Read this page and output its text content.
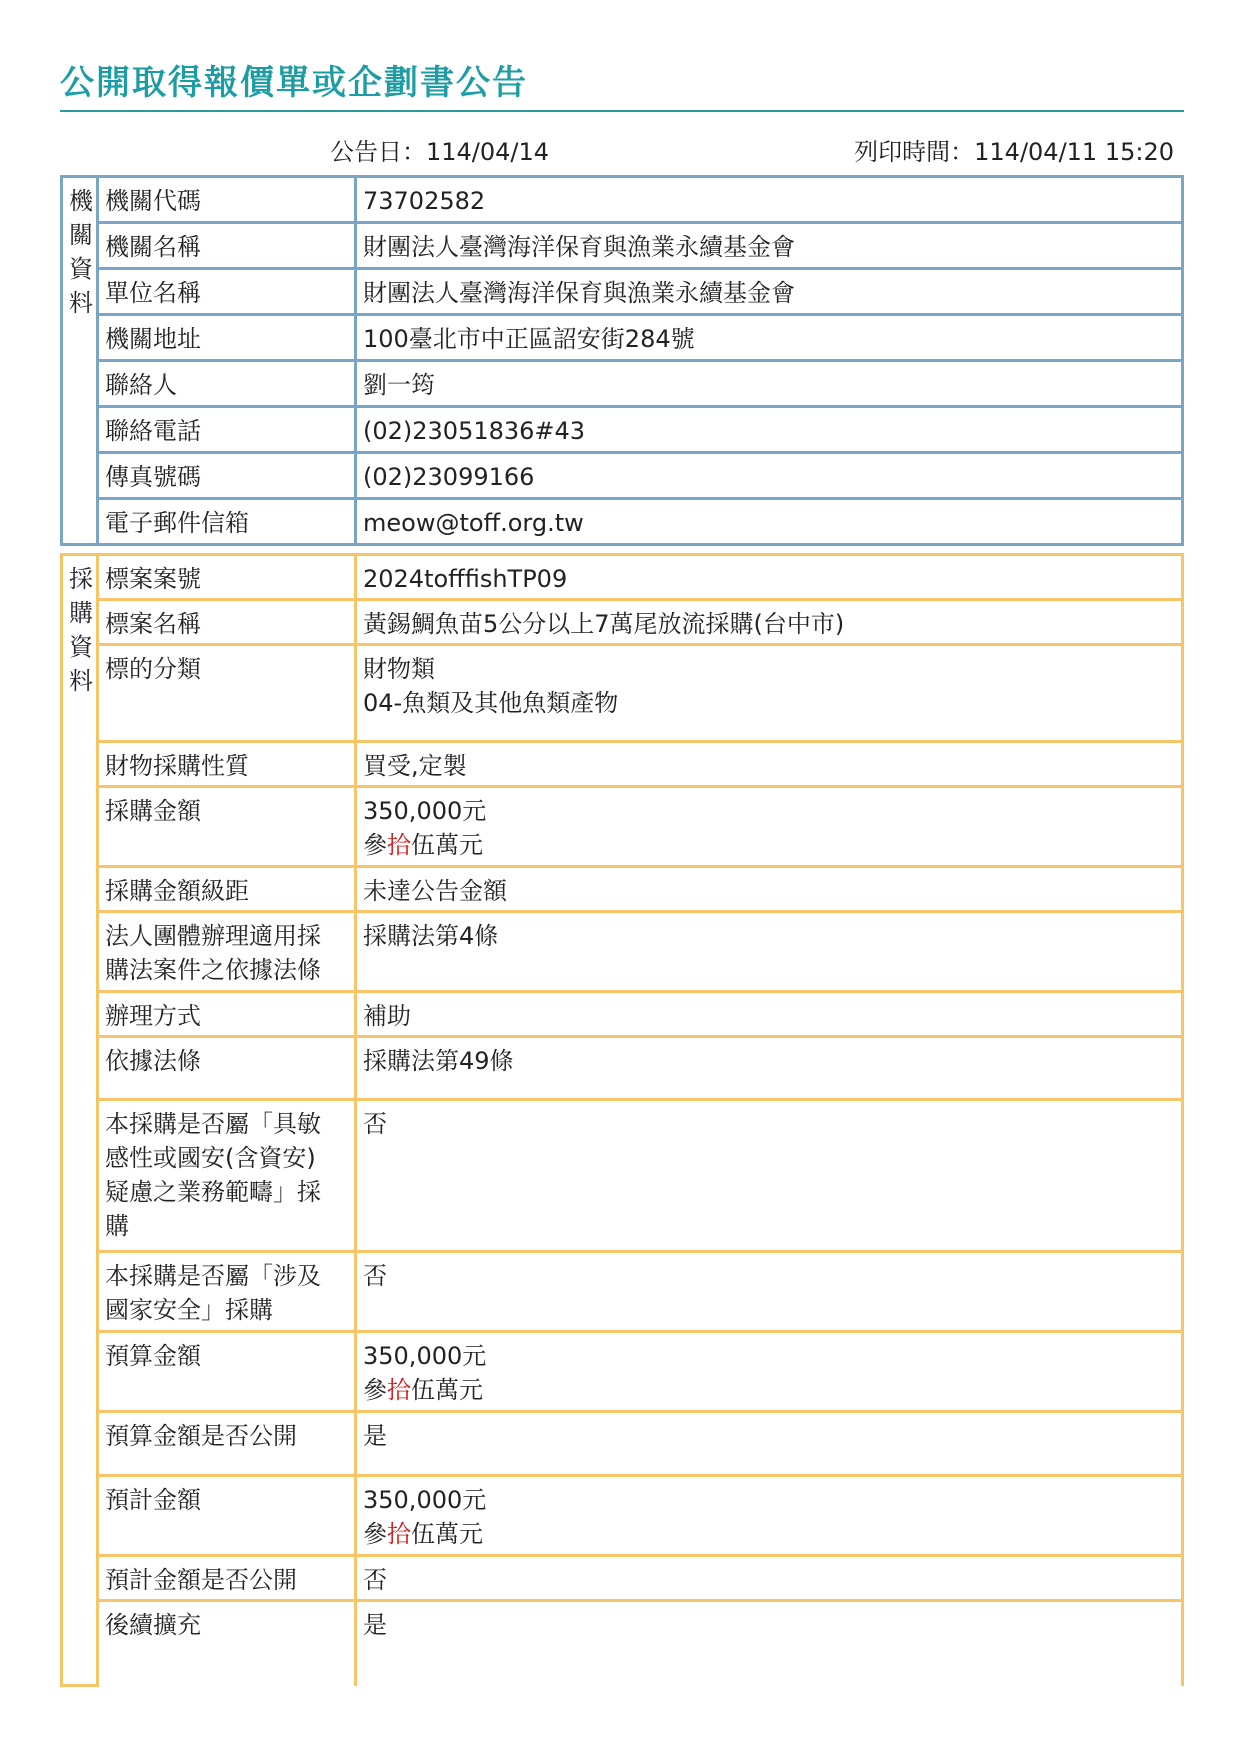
公開取得報價單或企劃書公告
公告日：114/04/14	列印時間：114/04/11 15:20
機
關
資
料	機關代碼	73702582
	機關名稱	財團法人臺灣海洋保育與漁業永續基金會
	單位名稱	財團法人臺灣海洋保育與漁業永續基金會
	機關地址	100臺北市中正區詔安街284號
	聯絡人	劉一筠
	聯絡電話	(02)23051836#43
	傳真號碼	(02)23099166
	電子郵件信箱	meow@toff.org.tw
採
購
資
料	標案案號	2024tofffishTP09
	標案名稱	黃錫鯛魚苗5公分以上7萬尾放流採購(台中市)
	標的分類	財物類
04-魚類及其他魚類產物

	財物採購性質	買受,定製
	採購金額	350,000元
參拾伍萬元

	採購金額級距	未達公告金額

	法人團體辦理適用採
購法案件之依據法條	採購法第4條
	辦理方式	補助
	依據法條	採購法第49條

	本採購是否屬「具敏
感性或國安(含資安)
疑慮之業務範疇」採
購	否

	本採購是否屬「涉及
國家安全」採購	否
	預算金額	350,000元
參拾伍萬元

	預算金額是否公開	是
	預計金額	350,000元
參拾伍萬元

	預計金額是否公開	否
	後續擴充	是
